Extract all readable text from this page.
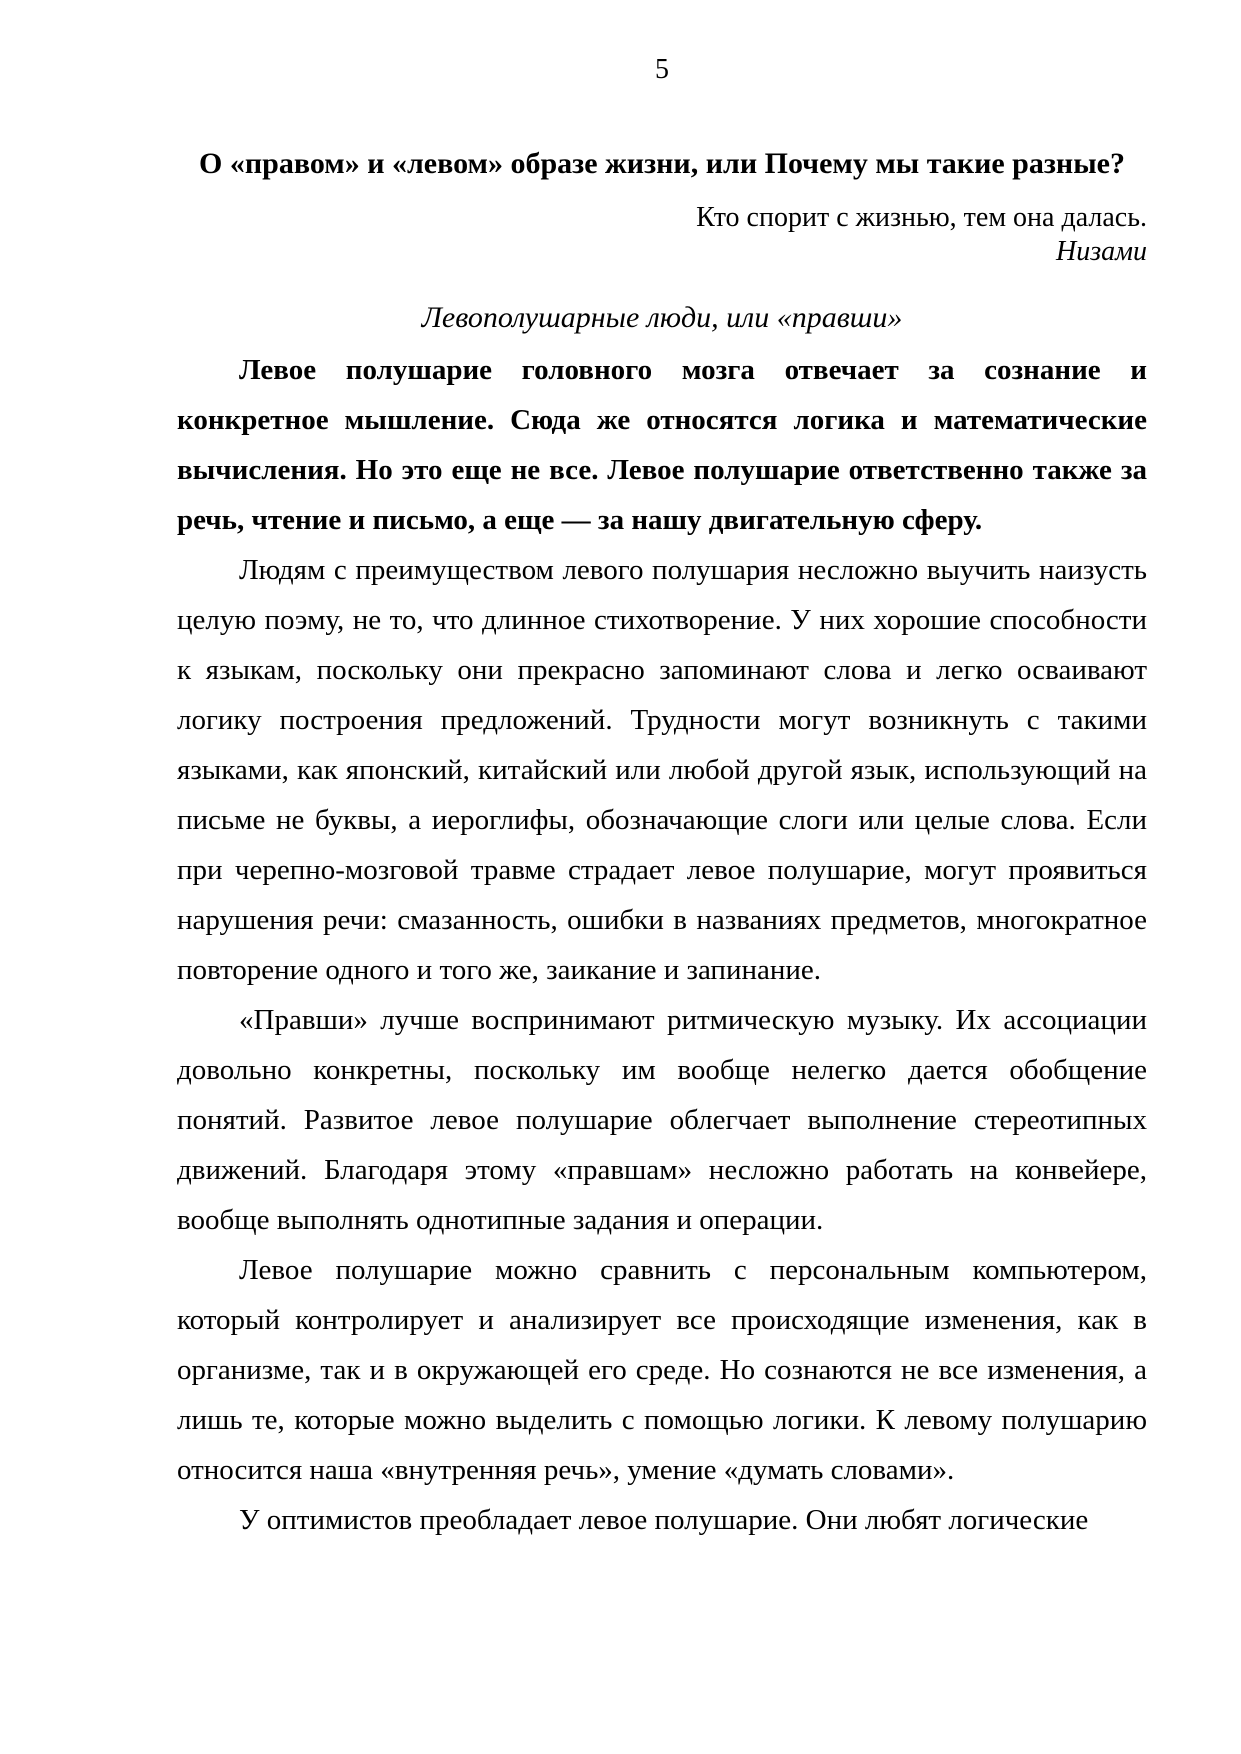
5
О «правом» и «левом» образе жизни, или Почему мы такие разные?
Кто спорит с жизнью, тем она далась.
Низами
Левополушарные люди, или «правши»

Левое полушарие головного мозга отвечает за сознание и конкретное мышление. Сюда же относятся логика и математические вычисления. Но это еще не все. Левое полушарие ответственно также за речь, чтение и письмо, а еще — за нашу двигательную сферу.

Людям с преимуществом левого полушария несложно выучить наизусть целую поэму, не то, что длинное стихотворение. У них хорошие способности к языкам, поскольку они прекрасно запоминают слова и легко осваивают логику построения предложений. Трудности могут возникнуть с такими языками, как японский, китайский или любой другой язык, использующий на письме не буквы, а иероглифы, обозначающие слоги или целые слова. Если при черепно-мозговой травме страдает левое полушарие, могут проявиться нарушения речи: смазанность, ошибки в названиях предметов, многократное повторение одного и того же, заикание и запинание.

«Правши» лучше воспринимают ритмическую музыку. Их ассоциации довольно конкретны, поскольку им вообще нелегко дается обобщение понятий. Развитое левое полушарие облегчает выполнение стереотипных движений. Благодаря этому «правшам» несложно работать на конвейере, вообще выполнять однотипные задания и операции.

Левое полушарие можно сравнить с персональным компьютером, который контролирует и анализирует все происходящие изменения, как в организме, так и в окружающей его среде. Но сознаются не все изменения, а лишь те, которые можно выделить с помощью логики. К левому полушарию относится наша «внутренняя речь», умение «думать словами».

У оптимистов преобладает левое полушарие. Они любят логические
